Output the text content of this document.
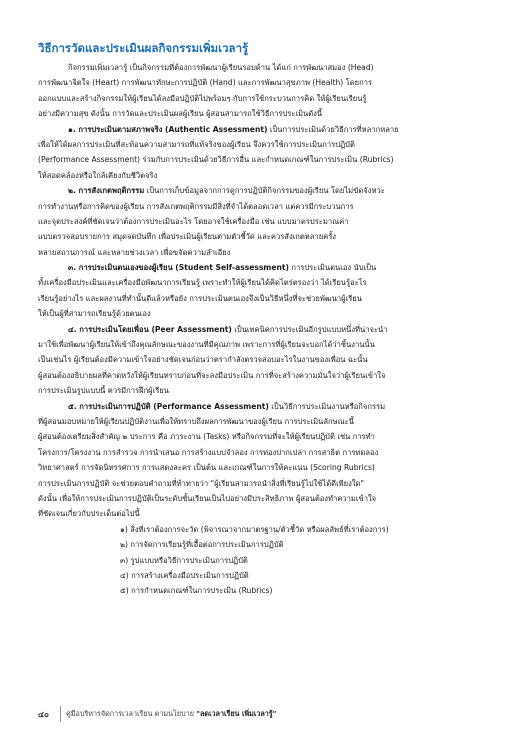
วิธีการวัดและประเมินผลกิจกรรมเพิ่มเวลารู้
กิจกรรมเพิ่มเวลารู้ เป็นกิจกรรมที่ต้องการพัฒนาผู้เรียนรอบด้าน ได้แก่ การพัฒนาสมอง (Head)
การพัฒนาจิตใจ (Heart) การพัฒนาทักษะการปฏิบัติ (Hand) และการพัฒนาสุขภาพ (Health) โดยการ
ออกแบบและสร้างกิจกรรมให้ผู้เรียนได้ลงมือปฏิบัติไปพร้อมๆ กับการใช้กระบวนการคิด ให้ผู้เรียนเรียนรู้
อย่างมีความสุข ดังนั้น การวัดและประเมินผลผู้เรียน ผู้สอนสามารถใช้วิธีการประเมินดังนี้
๑. การประเมินตามสภาพจริง (Authentic Assessment) เป็นการประเมินด้วยวิธีการที่หลากหลาย
เพื่อให้ได้ผลการประเมินที่สะท้อนความสามารถที่แท้จริงของผู้เรียน จึงควรใช้การประเมินการปฏิบัติ
(Performance Assessment) ร่วมกับการประเมินด้วยวิธีการอื่น และกำหนดเกณฑ์ในการประเมิน (Rubrics)
ให้สอดคล้องหรือใกล้เคียงกับชีวิตจริง
๒. การสังเกตพฤติกรรม เป็นการเก็บข้อมูลจากการดูการปฏิบัติกิจกรรมของผู้เรียน โดยไม่ขัดจังหวะ
การทำงานหรือการคิดของผู้เรียน การสังเกตพฤติกรรมมีสิ่งที่จำได้ตลอดเวลา แต่ควรมีกระบวนการ
และจุดประสงค์ที่ชัดเจนว่าต้องการประเมินอะไร โดยอาจใช้เครื่องมือ เช่น แบบมาตรประมาณค่า
แบบตรวจสอบรายการ สมุดจดบันทึก เพื่อประเมินผู้เรียนตามตัวชี้วัด และควรสังเกตหลายครั้ง
หลายสถานการณ์ และหลายช่วงเวลา เพื่อขจัดความลำเอียง
๓. การประเมินตนเองของผู้เรียน (Student Self-assessment) การประเมินตนเอง นับเป็น
ทั้งเครื่องมือประเมินและเครื่องมือพัฒนาการเรียนรู้ เพราะทำให้ผู้เรียนได้คิดไตร่ตรองว่า ได้เรียนรู้อะไร
เรียนรู้อย่างไร และผลงานที่ทำนั้นดีแล้วหรือยัง การประเมินตนเองจึงเป็นวิธีหนึ่งที่จะช่วยพัฒนาผู้เรียน
ให้เป็นผู้ที่สามารถเรียนรู้ด้วยตนเอง
๔. การประเมินโดยเพื่อน (Peer Assessment) เป็นเทคนิคการประเมินอีกรูปแบบหนึ่งที่น่าจะนำ
มาใช้เพื่อพัฒนาผู้เรียนให้เข้าถึงคุณลักษณะของงานที่มีคุณภาพ เพราะการที่ผู้เรียนจะบอกได้ว่าชิ้นงานนั้น
เป็นเช่นไร ผู้เรียนต้องมีความเข้าใจอย่างชัดเจนก่อนว่าตรากำลังตรวจสอบอะไรในงานของเพื่อน ฉะนั้น
ผู้สอนต้องอธิบายผลที่คาดหวังให้ผู้เรียนทราบก่อนที่จะลงมือประเมิน การที่จะสร้างความมั่นใจว่าผู้เรียนเข้าใจ
การประเมินรูปแบบนี้ ควรมีการฝึกผู้เรียน
๕. การประเมินการปฏิบัติ (Performance Assessment) เป็นวิธีการประเมินงานหรือกิจกรรม
ที่ผู้สอนมอบหมายให้ผู้เรียนปฏิบัติงานเพื่อให้ทราบถึงผลการพัฒนาของผู้เรียน การประเมินลักษณะนี้
ผู้สอนต้องเตรียมสิ่งสำคัญ ๒ ประการ คือ ภาระงาน (Tasks) หรือกิจกรรมที่จะให้ผู้เรียนปฏิบัติ เช่น การทำ
โครงการ/โครงงาน การสำรวจ การนำเสนอ การสร้างแบบจำลอง การท่องปากเปล่า การสาธิต การทดลอง
วิทยาศาสตร์ การจัดนิทรรศการ การแสดงละคร เป็นต้น และเกณฑ์ในการให้คะแนน (Scoring Rubrics)
การประเมินการปฏิบัติ จะช่วยตอบคำถามที่ท้าทายว่า "ผู้เรียนสามารถนำสิ่งที่เรียนรู้ไปใช้ได้ดีเพียงใด"
ดังนั้น เพื่อให้การประเมินการปฏิบัติเป็นระดับชั้นเรียนเป็นไปอย่างมีประสิทธิภาพ ผู้สอนต้องทำความเข้าใจ
ที่ชัดเจนเกี่ยวกับประเด็นต่อไปนี้
๑) สิ่งที่เราต้องการจะวัด (พิจารณาจากมาตรฐาน/ตัวชี้วัด หรือผลลัพธ์ที่เราต้องการ)
๒) การจัดการเรียนรู้ที่เอื้อต่อการประเมินการปฏิบัติ
๓) รูปแบบหรือวิธีการประเมินการปฏิบัติ
๔) การสร้างเครื่องมือประเมินการปฏิบัติ
๕) การกำหนดเกณฑ์ในการประเมิน (Rubrics)
๔๐ คู่มือบริหารจัดการเวลาเรียน ตามนโยบาย "ลดเวลาเรียน เพิ่มเวลารู้"
